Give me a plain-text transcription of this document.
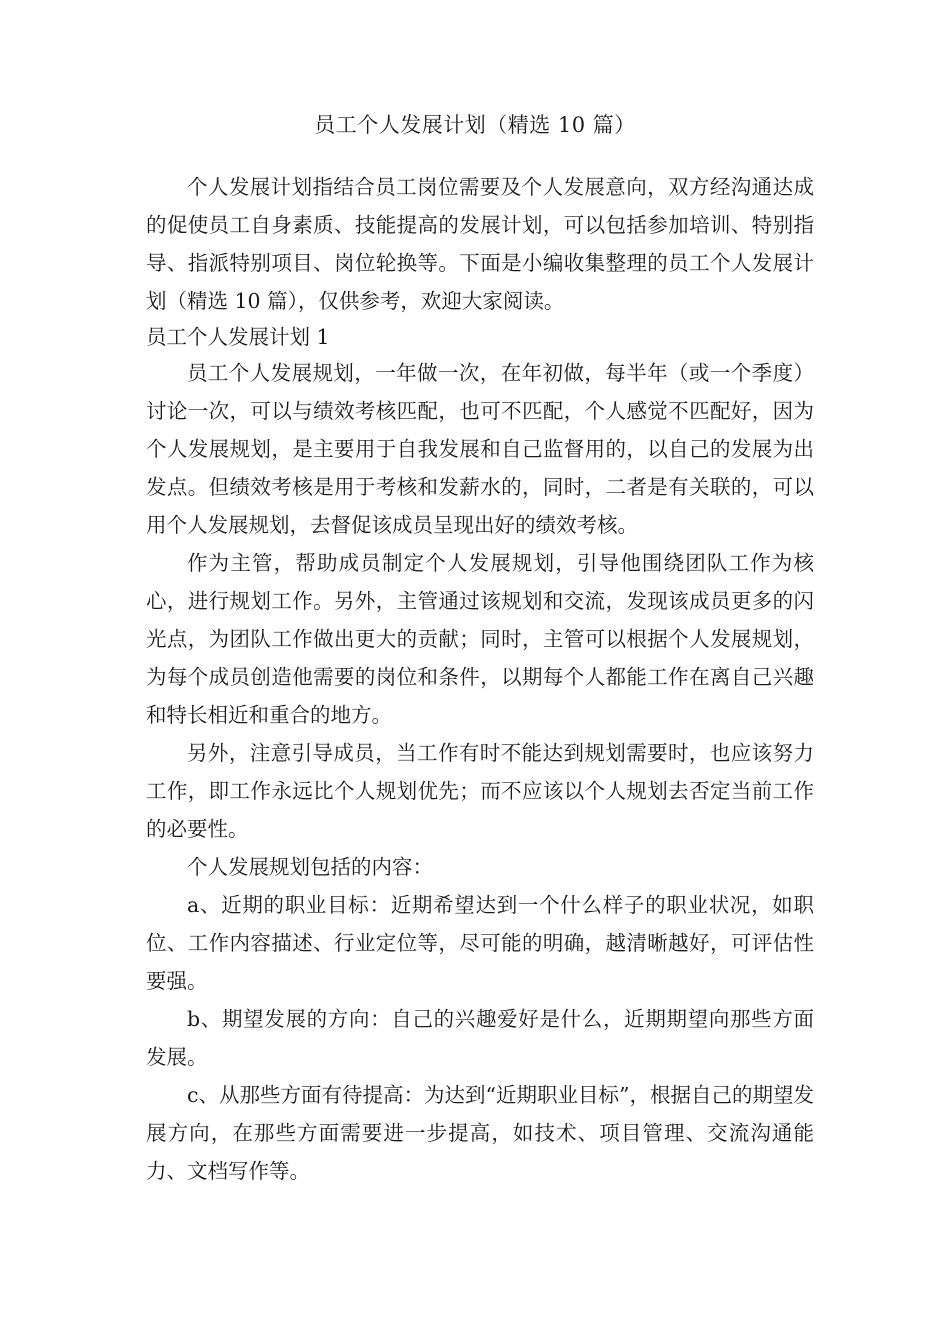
员工个人发展计划（精选 10 篇）

个人发展计划指结合员工岗位需要及个人发展意向，双方经沟通达成的促使员工自身素质、技能提高的发展计划，可以包括参加培训、特别指导、指派特别项目、岗位轮换等。下面是小编收集整理的员工个人发展计划（精选 10 篇），仅供参考，欢迎大家阅读。

员工个人发展计划 1

员工个人发展规划，一年做一次，在年初做，每半年（或一个季度）讨论一次，可以与绩效考核匹配，也可不匹配，个人感觉不匹配好，因为个人发展规划，是主要用于自我发展和自己监督用的，以自己的发展为出发点。但绩效考核是用于考核和发薪水的，同时，二者是有关联的，可以用个人发展规划，去督促该成员呈现出好的绩效考核。

作为主管，帮助成员制定个人发展规划，引导他围绕团队工作为核心，进行规划工作。另外，主管通过该规划和交流，发现该成员更多的闪光点，为团队工作做出更大的贡献；同时，主管可以根据个人发展规划，为每个成员创造他需要的岗位和条件，以期每个人都能工作在离自己兴趣和特长相近和重合的地方。

另外，注意引导成员，当工作有时不能达到规划需要时，也应该努力工作，即工作永远比个人规划优先；而不应该以个人规划去否定当前工作的必要性。

个人发展规划包括的内容：

a、近期的职业目标：近期希望达到一个什么样子的职业状况，如职位、工作内容描述、行业定位等，尽可能的明确，越清晰越好，可评估性要强。

b、期望发展的方向：自己的兴趣爱好是什么，近期期望向那些方面发展。

c、从那些方面有待提高：为达到“近期职业目标”，根据自己的期望发展方向，在那些方面需要进一步提高，如技术、项目管理、交流沟通能力、文档写作等。
